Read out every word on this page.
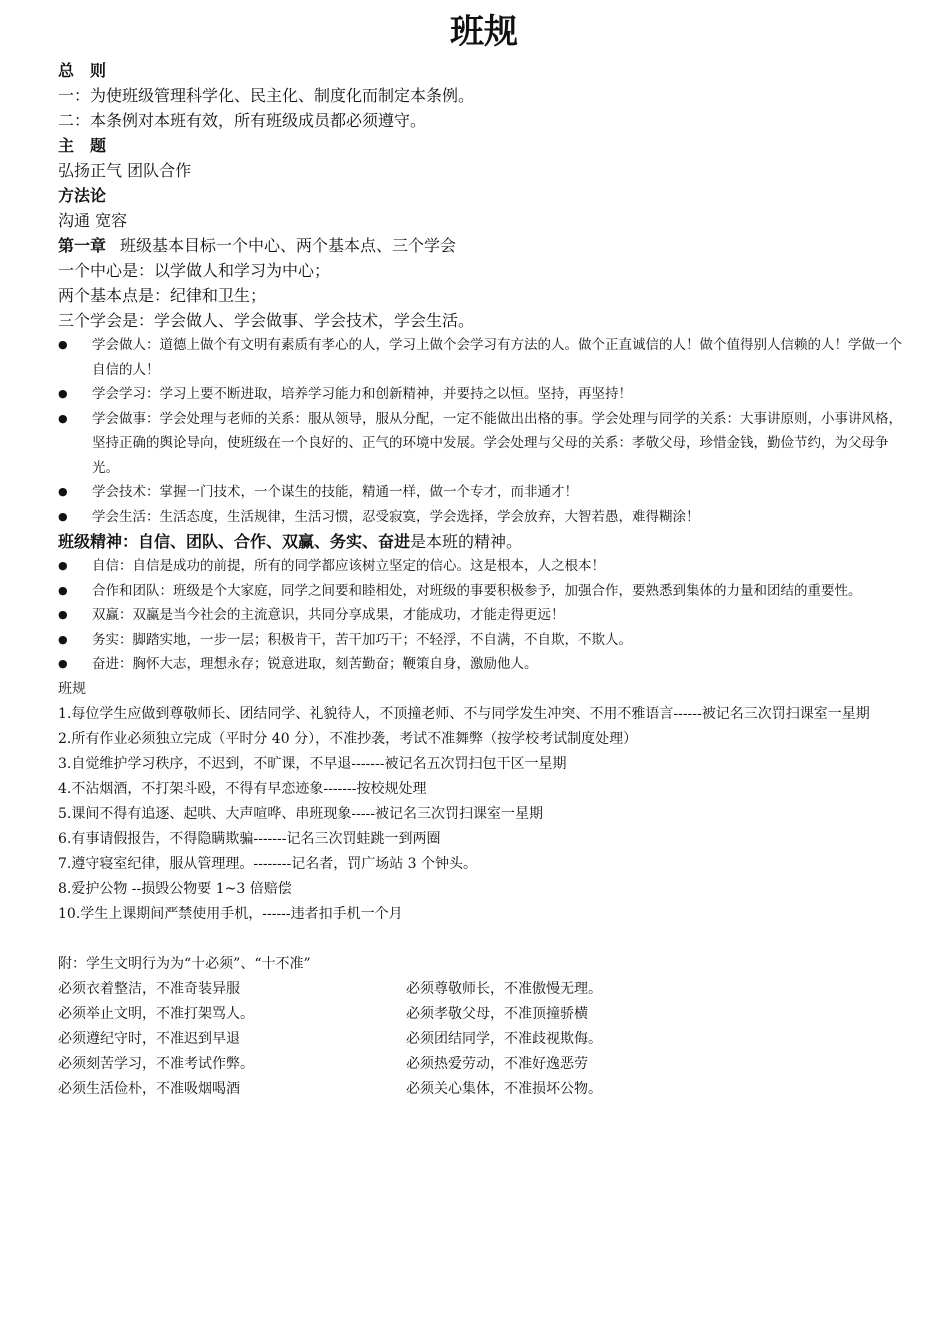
班规
总　则
一：为使班级管理科学化、民主化、制度化而制定本条例。
二：本条例对本班有效，所有班级成员都必须遵守。
主　题
弘扬正气 团队合作
方法论
沟通 宽容
第一章 班级基本目标一个中心、两个基本点、三个学会
一个中心是：以学做人和学习为中心；
两个基本点是：纪律和卫生；
三个学会是：学会做人、学会做事、学会技术，学会生活。
● 学会做人：道德上做个有文明有素质有孝心的人，学习上做个会学习有方法的人。做个正直诚信的人！做个值得别人信赖的人！学做一个自信的人！
● 学会学习：学习上要不断进取，培养学习能力和创新精神，并要持之以恒。坚持，再坚持！
● 学会做事：学会处理与老师的关系：服从领导，服从分配，一定不能做出出格的事。学会处理与同学的关系：大事讲原则，小事讲风格，坚持正确的舆论导向，使班级在一个良好的、正气的环境中发展。学会处理与父母的关系：孝敬父母，珍惜金钱，勤俭节约，为父母争光。
● 学会技术：掌握一门技术，一个谋生的技能，精通一样，做一个专才，而非通才！
● 学会生活：生活态度，生活规律，生活习惯，忍受寂寞，学会选择，学会放弃，大智若愚，难得糊涂！
班级精神：自信、团队、合作、双赢、务实、奋进是本班的精神。
● 自信：自信是成功的前提，所有的同学都应该树立坚定的信心。这是根本，人之根本！
● 合作和团队：班级是个大家庭，同学之间要和睦相处，对班级的事要积极参予，加强合作，要熟悉到集体的力量和团结的重要性。
● 双赢：双赢是当今社会的主流意识，共同分享成果，才能成功，才能走得更远！
● 务实：脚踏实地，一步一层；积极肯干，苦干加巧干；不轻浮，不自满，不自欺，不欺人。
● 奋进：胸怀大志，理想永存；锐意进取，刻苦勤奋；鞭策自身，激励他人。
班规
1.每位学生应做到尊敬师长、团结同学、礼貌待人，不顶撞老师、不与同学发生冲突、不用不雅语言------被记名三次罚扫课室一星期
2.所有作业必须独立完成（平时分 40 分），不准抄袭，考试不准舞弊（按学校考试制度处理）
3.自觉维护学习秩序，不迟到，不旷课，不早退-------被记名五次罚扫包干区一星期
4.不沾烟酒，不打架斗殴，不得有早恋迹象-------按校规处理
5.课间不得有追逐、起哄、大声喧哗、串班现象-----被记名三次罚扫课室一星期
6.有事请假报告，不得隐瞒欺骗-------记名三次罚蛙跳一到两圈
7.遵守寝室纪律，服从管理理。--------记名者，罚广场站 3 个钟头。
8.爱护公物 --损毁公物要 1~3 倍赔偿
10.学生上课期间严禁使用手机，------违者扣手机一个月
附：学生文明行为为“十必须”、“十不准”
必须衣着整洁，不准奇装异服	必须尊敬师长，不准傲慢无理。
必须举止文明，不准打架骂人。	必须孝敬父母，不准顶撞骄横
必须遵纪守时，不准迟到早退	必须团结同学，不准歧视欺侮。
必须刻苦学习，不准考试作弊。	必须热爱劳动，不准好逸恶劳
必须生活俭朴，不准吸烟喝酒	必须关心集体，不准损坏公物。
